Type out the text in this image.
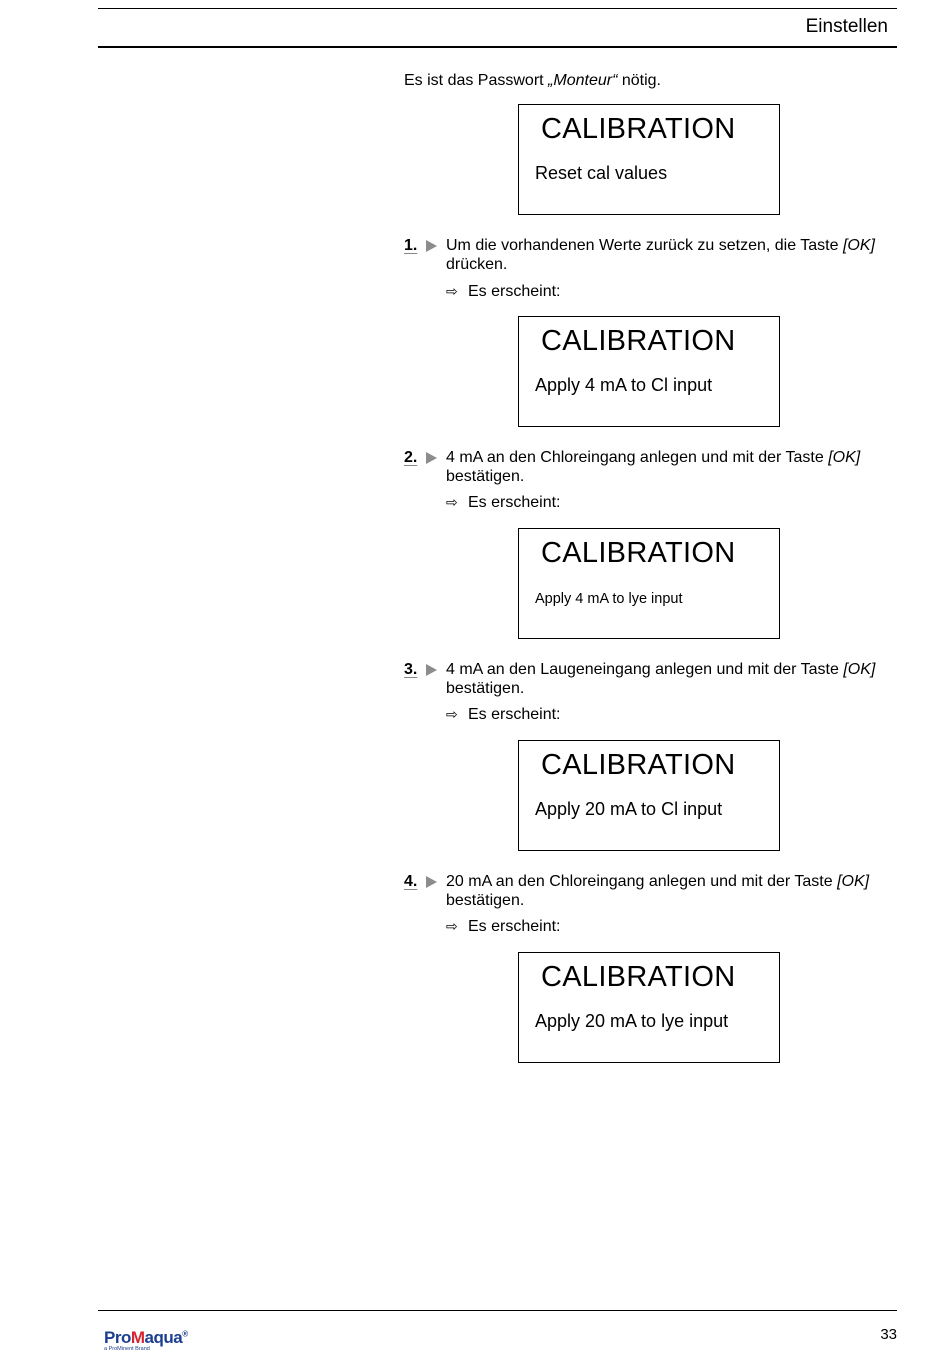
Einstellen
Es ist das Passwort „Monteur“ nötig.
CALIBRATION
Reset cal values
1. Um die vorhandenen Werte zurück zu setzen, die Taste [OK] drücken.
⇨ Es erscheint:
CALIBRATION
Apply 4 mA to Cl input
2. 4 mA an den Chloreingang anlegen und mit der Taste [OK] bestätigen.
⇨ Es erscheint:
CALIBRATION
Apply 4 mA to lye input
3. 4 mA an den Laugeneingang anlegen und mit der Taste [OK] bestätigen.
⇨ Es erscheint:
CALIBRATION
Apply 20 mA to Cl input
4. 20 mA an den Chloreingang anlegen und mit der Taste [OK] bestätigen.
⇨ Es erscheint:
CALIBRATION
Apply 20 mA to lye input
ProMaqua®
a ProMinent Brand
33
